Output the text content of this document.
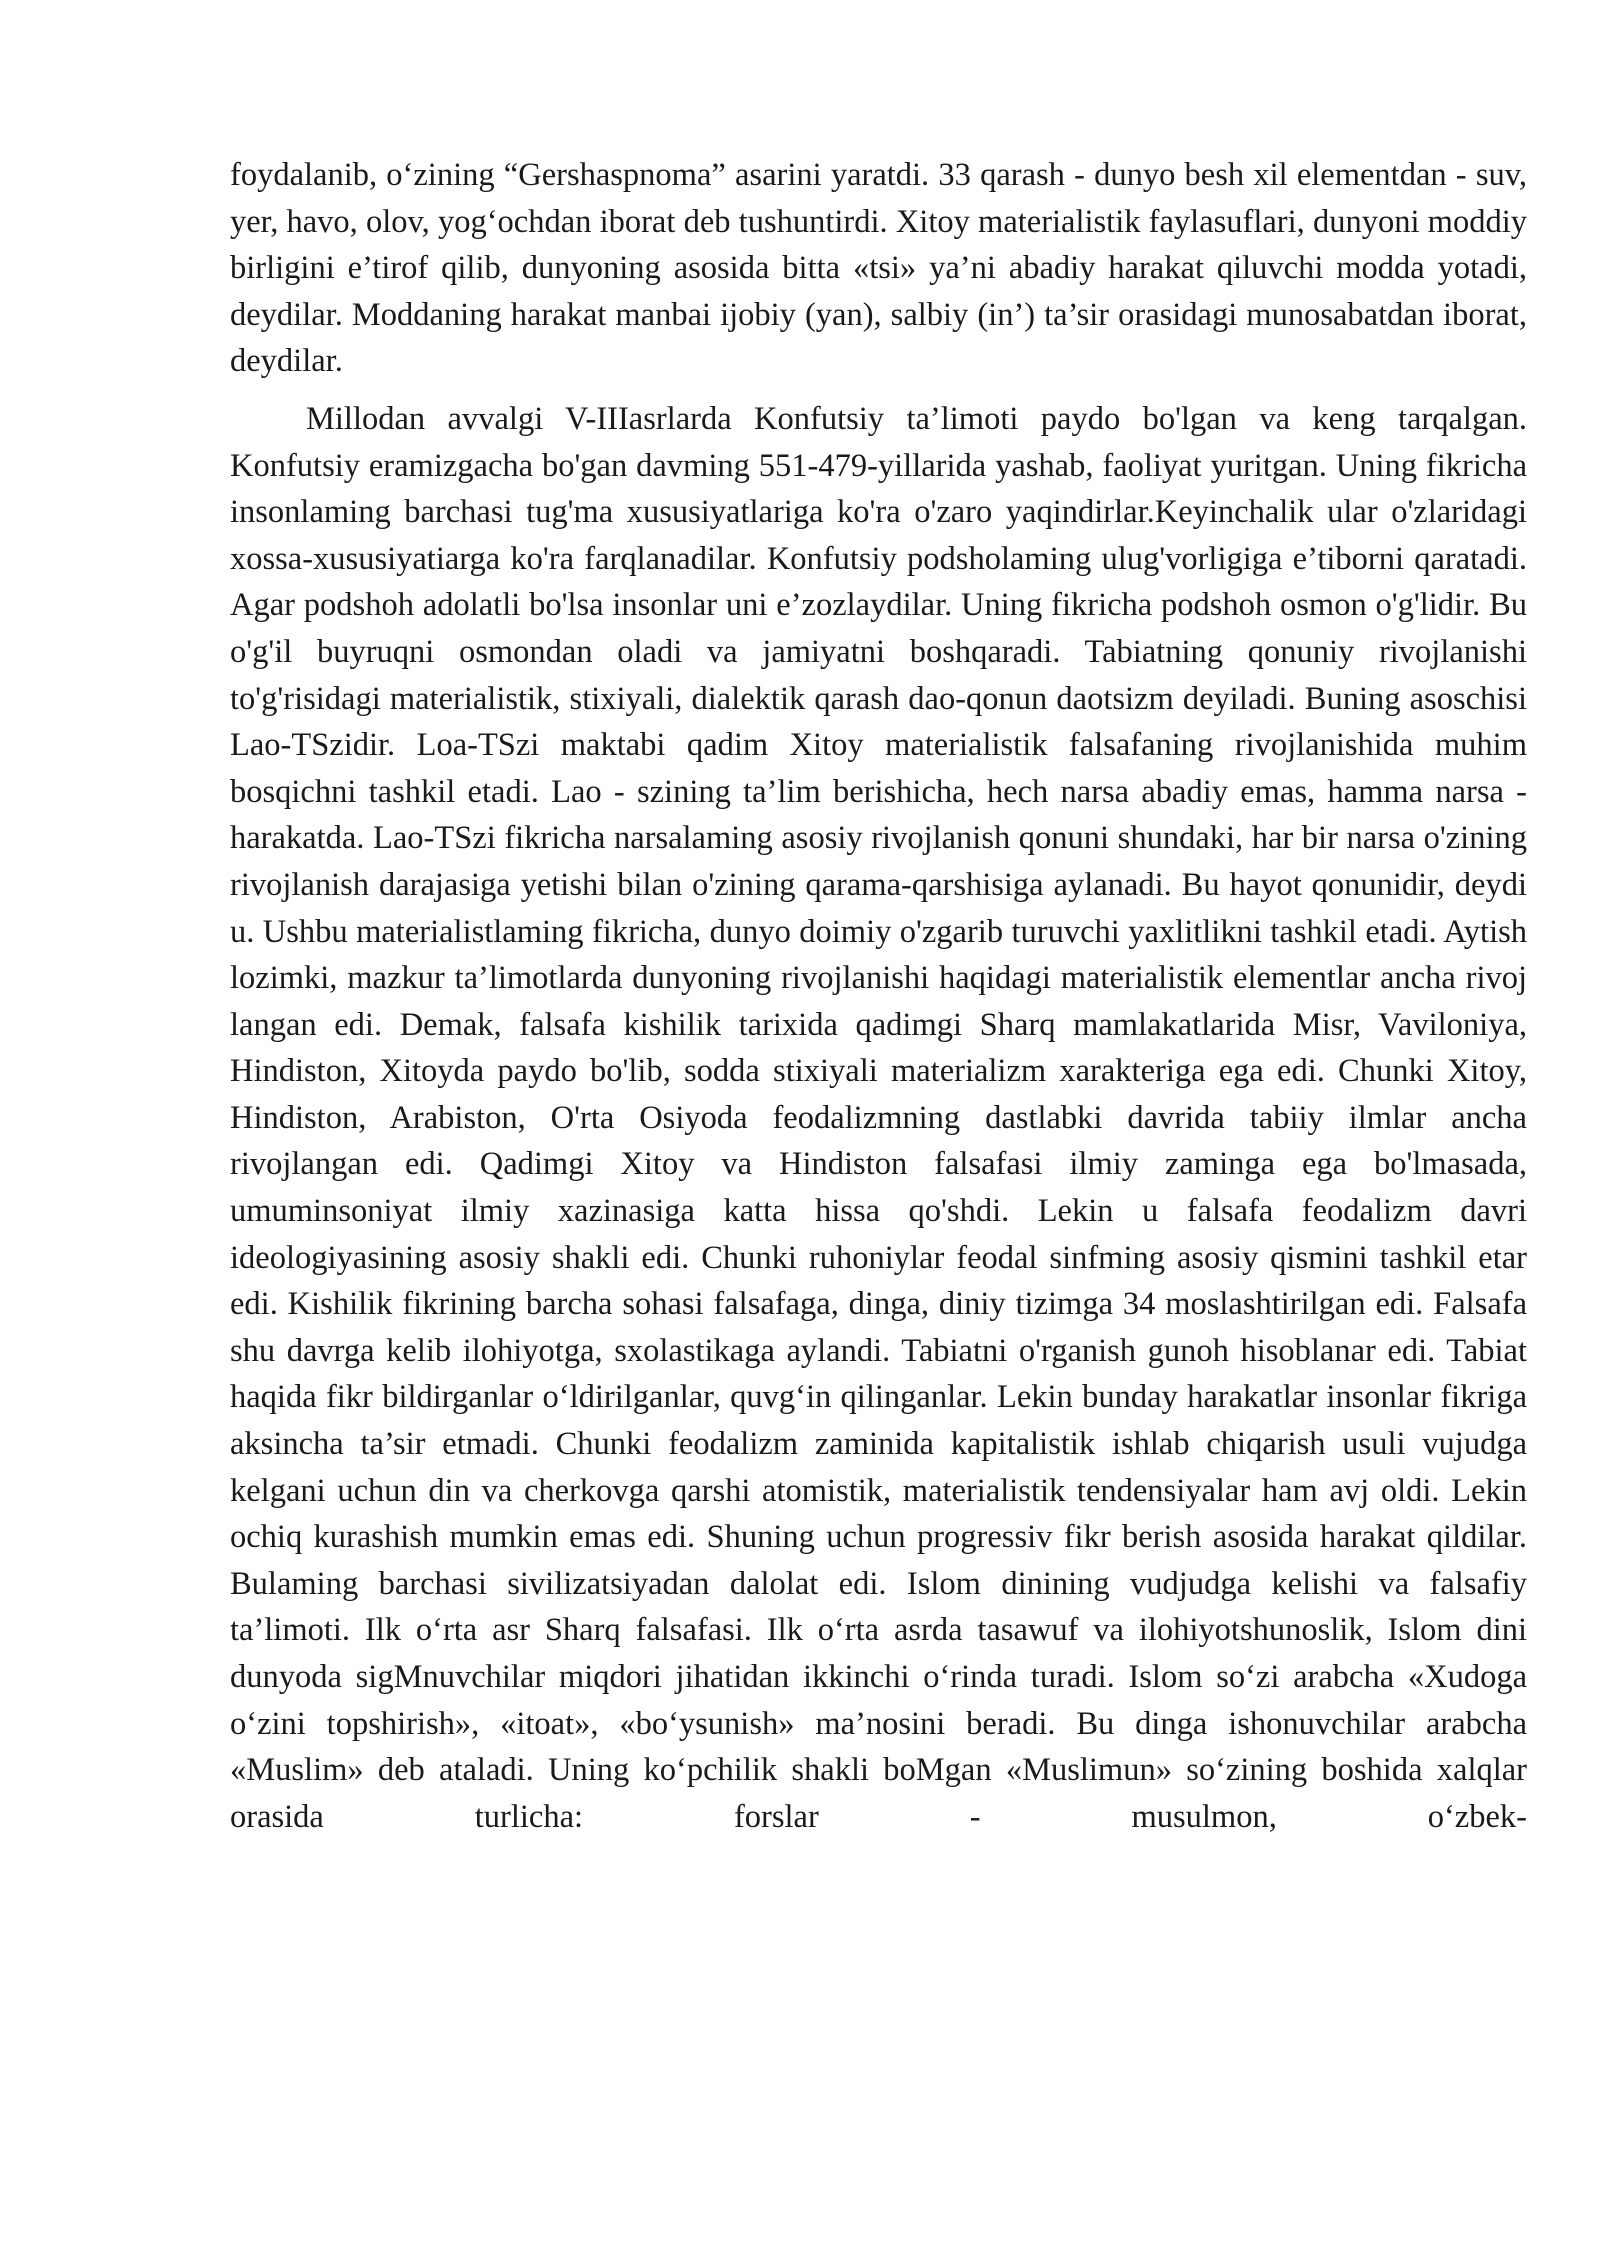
foydalanib, o‘zining “Gershaspnoma” asarini yaratdi. 33 qarash - dunyo besh xil elementdan - suv, yer, havo, olov, yog‘ochdan iborat deb tushuntirdi. Xitoy materialistik faylasuflari, dunyoni moddiy birligini e’tirof qilib, dunyoning asosida bitta «tsi» ya’ni abadiy harakat qiluvchi modda yotadi, deydilar. Moddaning harakat manbai ijobiy (yan), salbiy (in’) ta’sir orasidagi munosabatdan iborat, deydilar.

Millodan avvalgi V-IIIasrlarda Konfutsiy ta’limoti paydo bo'lgan va keng tarqalgan. Konfutsiy eramizgacha bo'gan davming 551-479-yillarida yashab, faoliyat yuritgan. Uning fikricha insonlaming barchasi tug'ma xususiyatlariga ko'ra o'zaro yaqindirlar.Keyinchalik ular o'zlaridagi xossa-xususiyatiarga ko'ra farqlanadilar. Konfutsiy podsholaming ulug'vorligiga e’tiborni qaratadi. Agar podshoh adolatli bo'lsa insonlar uni e’zozlaydilar. Uning fikricha podshoh osmon o'g'lidir. Bu o'g'il buyruqni osmondan oladi va jamiyatni boshqaradi. Tabiatning qonuniy rivojlanishi to'g'risidagi materialistik, stixiyali, dialektik qarash dao-qonun daotsizm deyiladi. Buning asoschisi Lao-TSzidir. Loa-TSzi maktabi qadim Xitoy materialistik falsafaning rivojlanishida muhim bosqichni tashkil etadi. Lao - szining ta’lim berishicha, hech narsa abadiy emas, hamma narsa - harakatda. Lao-TSzi fikricha narsalaming asosiy rivojlanish qonuni shundaki, har bir narsa o'zining rivojlanish darajasiga yetishi bilan o'zining qarama-qarshisiga aylanadi. Bu hayot qonunidir, deydi u. Ushbu materialistlaming fikricha, dunyo doimiy o'zgarib turuvchi yaxlitlikni tashkil etadi. Aytish lozimki, mazkur ta’limotlarda dunyoning rivojlanishi haqidagi materialistik elementlar ancha rivoj langan edi. Demak, falsafa kishilik tarixida qadimgi Sharq mamlakatlarida Misr, Vaviloniya, Hindiston, Xitoyda paydo bo'lib, sodda stixiyali materializm xarakteriga ega edi. Chunki Xitoy, Hindiston, Arabiston, O'rta Osiyoda feodalizmning dastlabki davrida tabiiy ilmlar ancha rivojlangan edi. Qadimgi Xitoy va Hindiston falsafasi ilmiy zaminga ega bo'lmasada, umuminsoniyat ilmiy xazinasiga katta hissa qo'shdi. Lekin u falsafa feodalizm davri ideologiyasining asosiy shakli edi. Chunki ruhoniylar feodal sinfming asosiy qismini tashkil etar edi. Kishilik fikrining barcha sohasi falsafaga, dinga, diniy tizimga 34 moslashtirilgan edi. Falsafa shu davrga kelib ilohiyotga, sxolastikaga aylandi. Tabiatni o'rganish gunoh hisoblanar edi. Tabiat haqida fikr bildirganlar o‘ldirilganlar, quvg‘in qilinganlar. Lekin bunday harakatlar insonlar fikriga aksincha ta’sir etmadi. Chunki feodalizm zaminida kapitalistik ishlab chiqarish usuli vujudga kelgani uchun din va cherkovga qarshi atomistik, materialistik tendensiyalar ham avj oldi. Lekin ochiq kurashish mumkin emas edi. Shuning uchun progressiv fikr berish asosida harakat qildilar. Bulaming barchasi sivilizatsiyadan dalolat edi. Islom dinining vudjudga kelishi va falsafiy ta’limoti. Ilk o‘rta asr Sharq falsafasi. Ilk o‘rta asrda tasawuf va ilohiyotshunoslik, Islom dini dunyoda sigMnuvchilar miqdori jihatidan ikkinchi o‘rinda turadi. Islom so‘zi arabcha «Xudoga o‘zini topshirish», «itoat», «bo‘ysunish» ma’nosini beradi. Bu dinga ishonuvchilar arabcha «Muslim» deb ataladi. Uning ko‘pchilik shakli boMgan «Muslimun» so‘zining boshida xalqlar orasida turlicha: forslar - musulmon, o‘zbek-
